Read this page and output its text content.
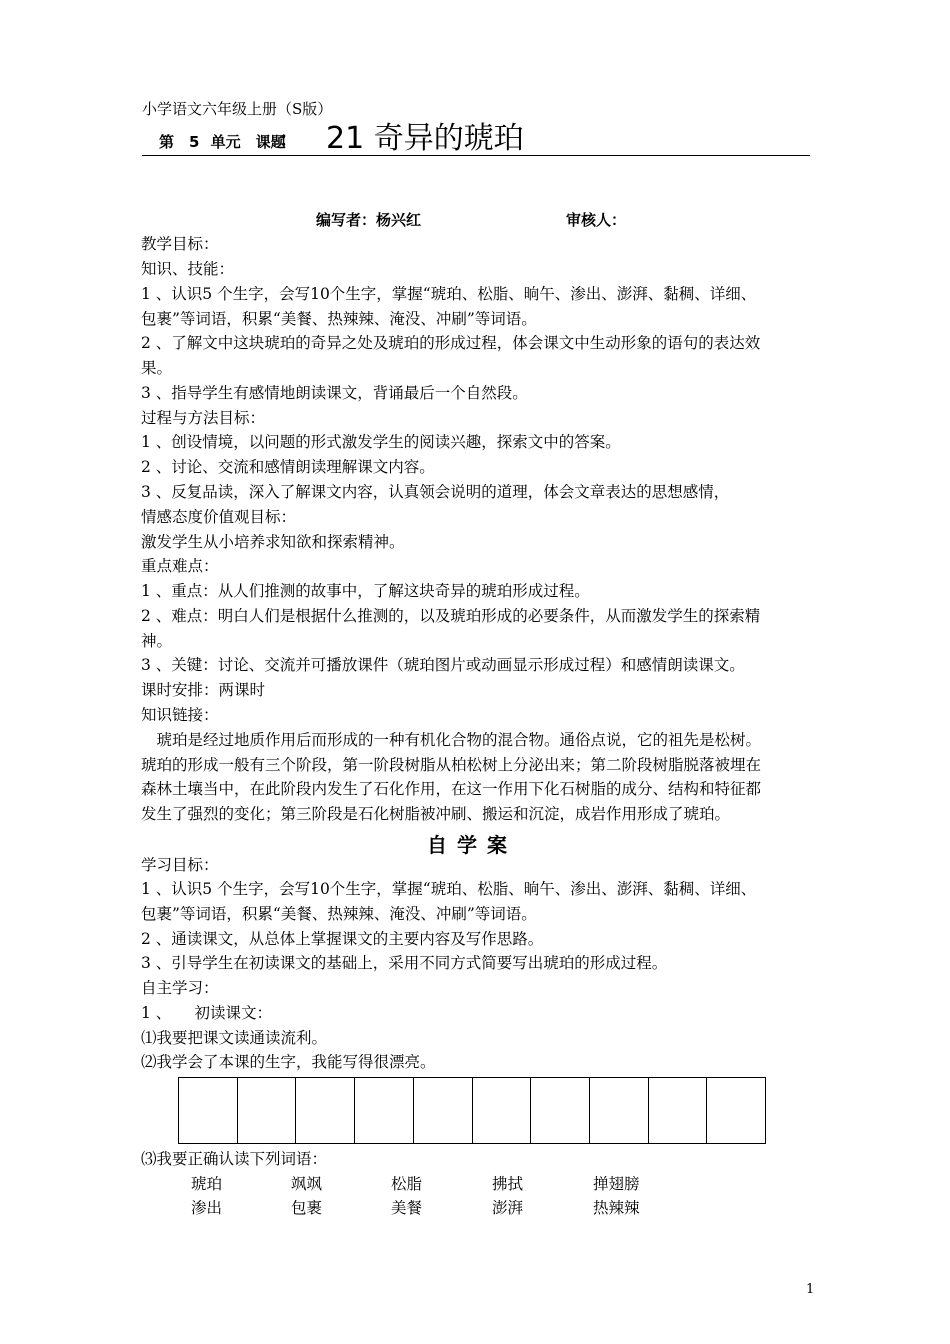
小学语文六年级上册（S版）
第　5 单元　课题
： 21 奇异的琥珀
编写者：杨兴红	审核人：
教学目标：
知识、技能：
1 、认识5 个生字，会写10个生字，掌握“琥珀、松脂、晌午、渗出、澎湃、黏稠、详细、
包裹”等词语，积累“美餐、热辣辣、淹没、冲刷”等词语。
2 、了解文中这块琥珀的奇异之处及琥珀的形成过程，体会课文中生动形象的语句的表达效
果。
3 、指导学生有感情地朗读课文，背诵最后一个自然段。
过程与方法目标：
1 、创设情境，以问题的形式激发学生的阅读兴趣，探索文中的答案。
2 、讨论、交流和感情朗读理解课文内容。
3 、反复品读，深入了解课文内容，认真领会说明的道理，体会文章表达的思想感情，
情感态度价值观目标：
激发学生从小培养求知欲和探索精神。
重点难点：
1 、重点：从人们推测的故事中，了解这块奇异的琥珀形成过程。
2 、难点：明白人们是根据什么推测的，以及琥珀形成的必要条件，从而激发学生的探索精
神。
3 、关键：讨论、交流并可播放课件（琥珀图片或动画显示形成过程）和感情朗读课文。
课时安排：两课时
知识链接：
　琥珀是经过地质作用后而形成的一种有机化合物的混合物。通俗点说，它的祖先是松树。
琥珀的形成一般有三个阶段，第一阶段树脂从柏松树上分泌出来；第二阶段树脂脱落被埋在
森林土壤当中，在此阶段内发生了石化作用，在这一作用下化石树脂的成分、结构和特征都
发生了强烈的变化；第三阶段是石化树脂被冲刷、搬运和沉淀，成岩作用形成了琥珀。
自学案
学习目标：
1 、认识5 个生字，会写10个生字，掌握“琥珀、松脂、晌午、渗出、澎湃、黏稠、详细、
包裹”等词语，积累“美餐、热辣辣、淹没、冲刷”等词语。
2 、通读课文，从总体上掌握课文的主要内容及写作思路。
3 、引导学生在初读课文的基础上，采用不同方式简要写出琥珀的形成过程。
自主学习：
1 、　　初读课文：
⑴我要把课文读通读流利。
⑵我学会了本课的生字，我能写得很漂亮。
⑶我要正确认读下列词语：
琥珀	飒飒	松脂	拂拭	掸翅膀
渗出	包裹	美餐	澎湃	热辣辣
1
